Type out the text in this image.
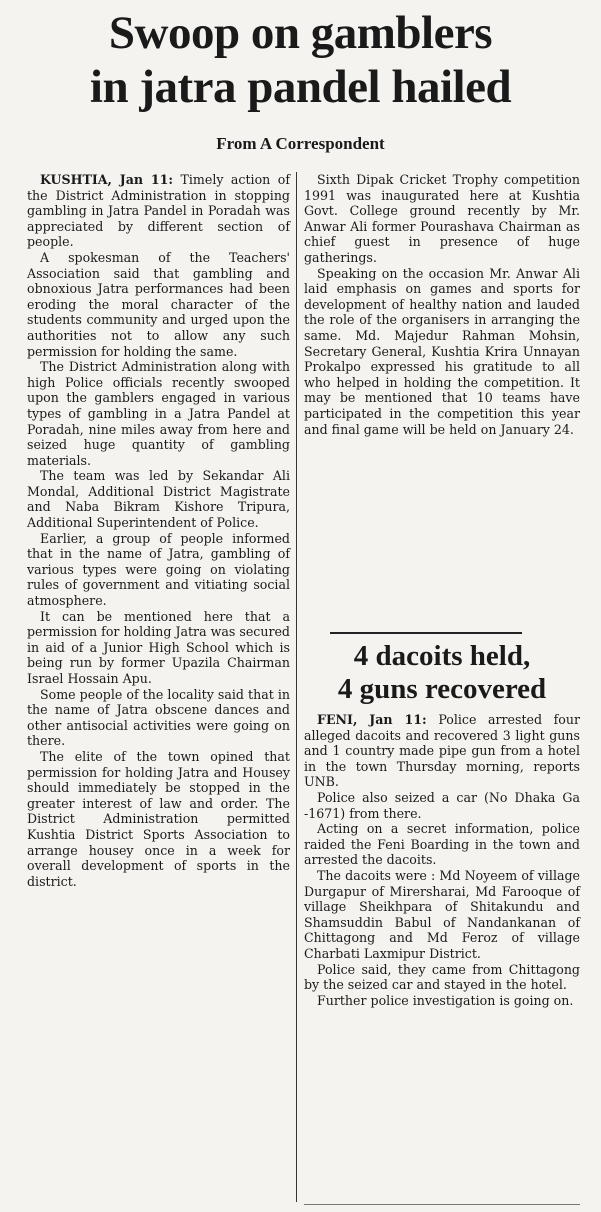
Swoop on gamblers
in jatra pandel hailed

From A Correspondent

KUSHTIA, Jan 11: Timely action of the District Administration in stopping gambling in Jatra Pandel in Poradah was appreciated by different section of people.

A spokesman of the Teachers' Association said that gambling and obnoxious Jatra performances had been eroding the moral character of the students community and urged upon the authorities not to allow any such permission for holding the same.

The District Administration along with high Police officials recently swooped upon the gamblers engaged in various types of gambling in a Jatra Pandel at Poradah, nine miles away from here and seized huge quantity of gambling materials.

The team was led by Sekandar Ali Mondal, Additional District Magistrate and Naba Bikram Kishore Tripura, Additional Superintendent of Police.

Earlier, a group of people informed that in the name of Jatra, gambling of various types were going on violating rules of government and vitiating social atmosphere.

It can be mentioned here that a permission for holding Jatra was secured in aid of a Junior High School which is being run by former Upazila Chairman Israel Hossain Apu.

Some people of the locality said that in the name of Jatra obscene dances and other antisocial activities were going on there.

The elite of the town opined that permission for holding Jatra and Housey should immediately be stopped in the greater interest of law and order. The District Administration permitted Kushtia District Sports Association to arrange housey once in a week for overall development of sports in the district.

Sixth Dipak Cricket Trophy competition 1991 was inaugurated here at Kushtia Govt. College ground recently by Mr. Anwar Ali former Pourashava Chairman as chief guest in presence of huge gatherings.

Speaking on the occasion Mr. Anwar Ali laid emphasis on games and sports for development of healthy nation and lauded the role of the organisers in arranging the same. Md. Majedur Rahman Mohsin, Secretary General, Kushtia Krira Unnayan Prokalpo expressed his gratitude to all who helped in holding the competition. It may be mentioned that 10 teams have participated in the competition this year and final game will be held on January 24.

4 dacoits held,
4 guns recovered

FENI, Jan 11: Police arrested four alleged dacoits and recovered 3 light guns and 1 country made pipe gun from a hotel in the town Thursday morning, reports UNB.

Police also seized a car (No Dhaka Ga -1671) from there.

Acting on a secret information, police raided the Feni Boarding in the town and arrested the dacoits.

The dacoits were : Md Noyeem of village Durgapur of Mirersharai, Md Farooque of village Sheikhpara of Shitakundu and Shamsuddin Babul of Nandankanan of Chittagong and Md Feroz of village Charbati Laxmipur District.

Police said, they came from Chittagong by the seized car and stayed in the hotel.

Further police investigation is going on.
